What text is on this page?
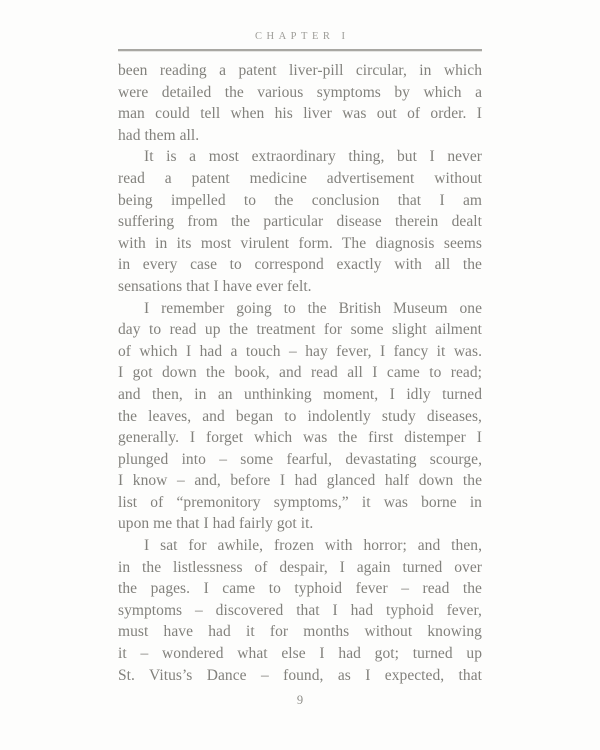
CHAPTER I
been reading a patent liver-pill circular, in which
were detailed the various symptoms by which a
man could tell when his liver was out of order. I
had them all.
It is a most extraordinary thing, but I never
read a patent medicine advertisement without
being impelled to the conclusion that I am
suffering from the particular disease therein dealt
with in its most virulent form. The diagnosis seems
in every case to correspond exactly with all the
sensations that I have ever felt.
I remember going to the British Museum one
day to read up the treatment for some slight ailment
of which I had a touch – hay fever, I fancy it was.
I got down the book, and read all I came to read;
and then, in an unthinking moment, I idly turned
the leaves, and began to indolently study diseases,
generally. I forget which was the first distemper I
plunged into – some fearful, devastating scourge,
I know – and, before I had glanced half down the
list of “premonitory symptoms,” it was borne in
upon me that I had fairly got it.
I sat for awhile, frozen with horror; and then,
in the listlessness of despair, I again turned over
the pages. I came to typhoid fever – read the
symptoms – discovered that I had typhoid fever,
must have had it for months without knowing
it – wondered what else I had got; turned up
St. Vitus’s Dance – found, as I expected, that
9
